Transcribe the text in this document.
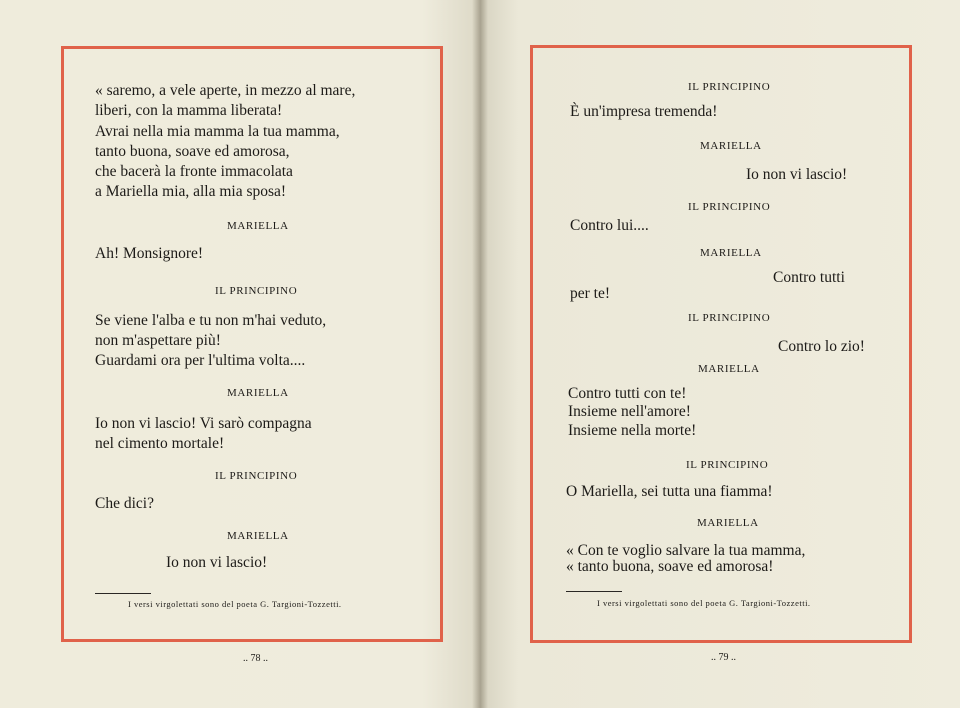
« saremo, a vele aperte, in mezzo al mare,
liberi, con la mamma liberata!
Avrai nella mia mamma la tua mamma,
tanto buona, soave ed amorosa,
che bacerà la fronte immacolata
a Mariella mia, alla mia sposa!
MARIELLA
Ah! Monsignore!
IL PRINCIPINO
Se viene l'alba e tu non m'hai veduto,
non m'aspettare più!
Guardami ora per l'ultima volta....
MARIELLA
Io non vi lascio! Vi sarò compagna
nel cimento mortale!
IL PRINCIPINO
Che dici?
MARIELLA
Io non vi lascio!
I versi virgolettati sono del poeta G. Targioni-Tozzetti.
.. 78 ..
IL PRINCIPINO
È un'impresa tremenda!
MARIELLA
Io non vi lascio!
IL PRINCIPINO
Contro lui....
MARIELLA
Contro tutti
per te!
IL PRINCIPINO
Contro lo zio!
MARIELLA
Contro tutti con te!
Insieme nell'amore!
Insieme nella morte!
IL PRINCIPINO
O Mariella, sei tutta una fiamma!
MARIELLA
« Con te voglio salvare la tua mamma,
« tanto buona, soave ed amorosa!
I versi virgolettati sono del poeta G. Targioni-Tozzetti.
.. 79 ..
